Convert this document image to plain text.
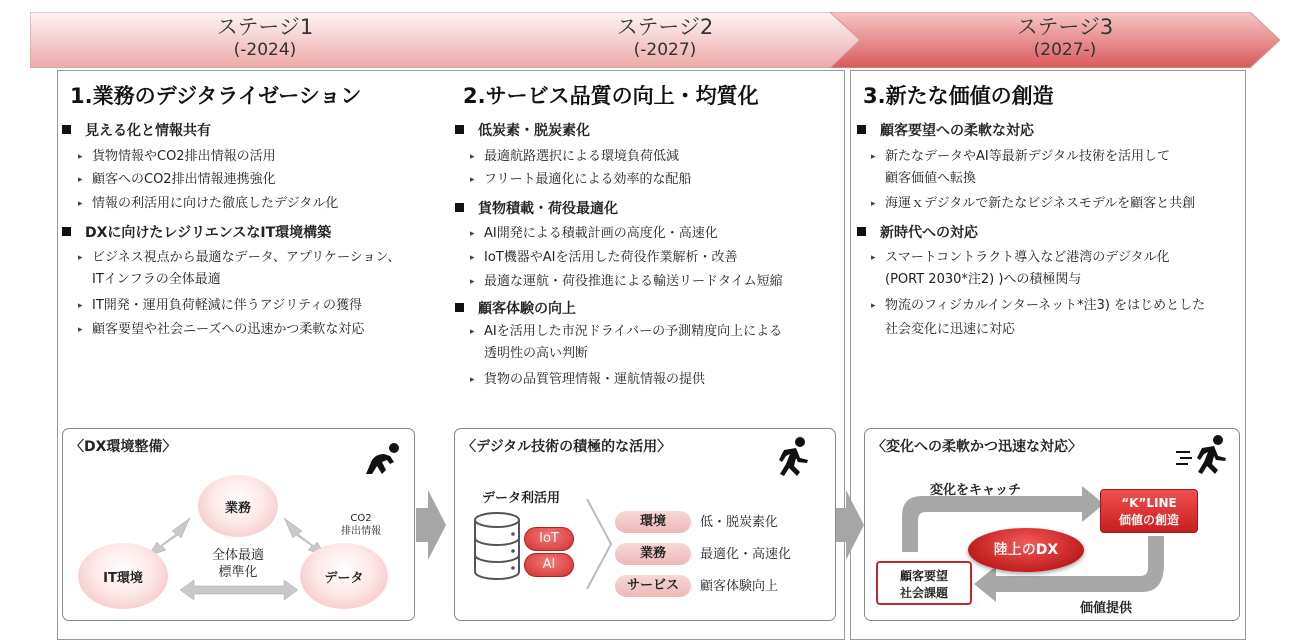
ステージ1
(-2024)
ステージ2
(-2027)
ステージ3
(2027-)
1.業務のデジタライゼーション
見える化と情報共有
▸ 貨物情報やCO2排出情報の活用
▸ 顧客へのCO2排出情報連携強化
▸ 情報の利活用に向けた徹底したデジタル化
DXに向けたレジリエンスなIT環境構築
▸ ビジネス視点から最適なデータ、アプリケーション、
ITインフラの全体最適
▸ IT開発・運用負荷軽減に伴うアジリティの獲得
▸ 顧客要望や社会ニーズへの迅速かつ柔軟な対応
2.サービス品質の向上・均質化
低炭素・脱炭素化
▸ 最適航路選択による環境負荷低減
▸ フリート最適化による効率的な配船
貨物積載・荷役最適化
▸ AI開発による積載計画の高度化・高速化
▸ IoT機器やAIを活用した荷役作業解析・改善
▸ 最適な運航・荷役推進による輸送リードタイム短縮
顧客体験の向上
▸ AIを活用した市況ドライバーの予測精度向上による
透明性の高い判断
▸ 貨物の品質管理情報・運航情報の提供
3.新たな価値の創造
顧客要望への柔軟な対応
▸ 新たなデータやAI等最新デジタル技術を活用して
顧客価値へ転換
▸ 海運ｘデジタルで新たなビジネスモデルを顧客と共創
新時代への対応
▸ スマートコントラクト導入など港湾のデジタル化
(PORT 2030*注2) )への積極関与
▸ 物流のフィジカルインターネット*注3) をはじめとした
社会変化に迅速に対応
〈DX環境整備〉
業務
IT環境	データ
全体最適
標準化
CO2
排出情報
〈デジタル技術の積極的な活用〉
データ利活用
IoT
AI
環境	低・脱炭素化
業務	最適化・高速化
サービス	顧客体験向上
〈変化への柔軟かつ迅速な対応〉
変化をキャッチ
“K”LINE
価値の創造
陸上のDX
顧客要望
社会課題
価値提供
